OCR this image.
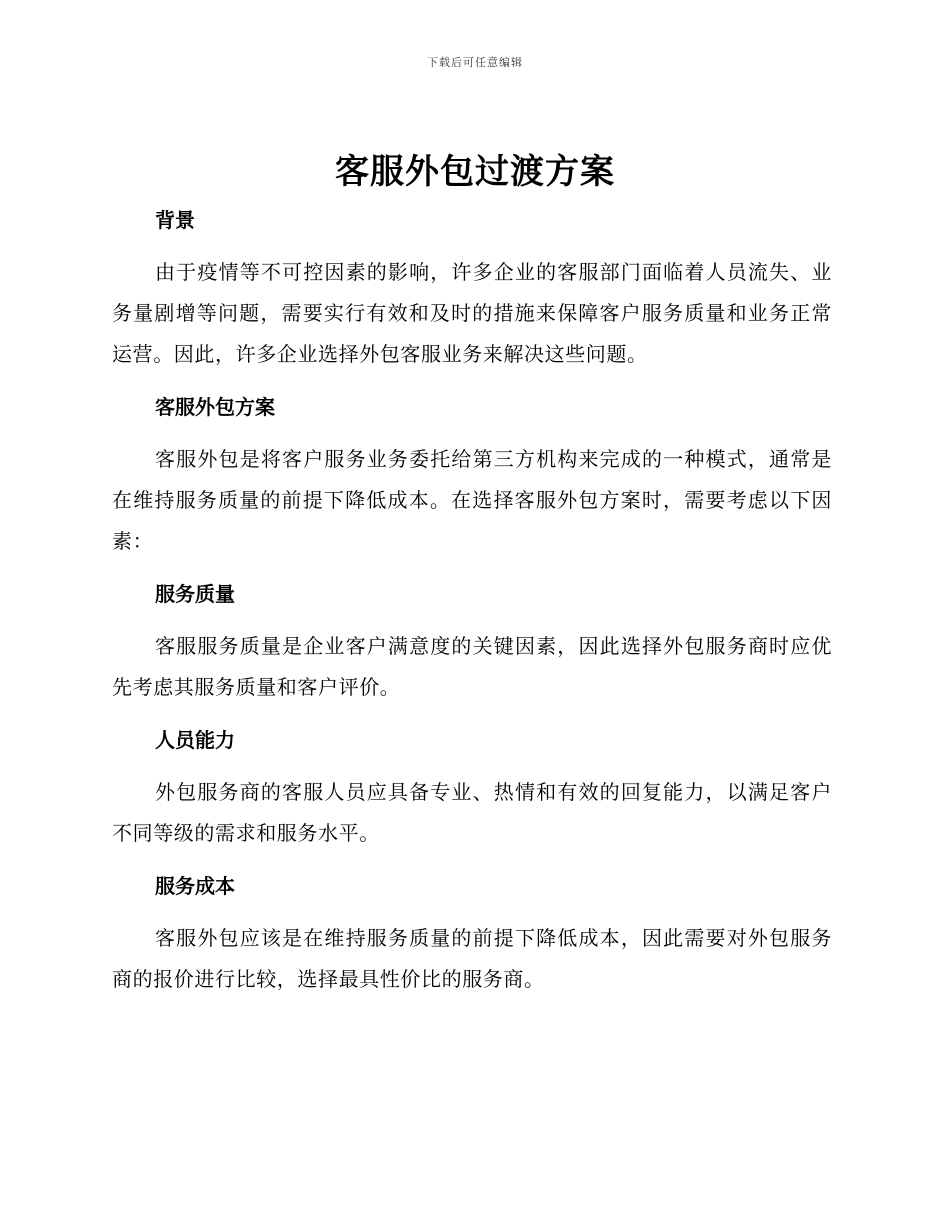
下载后可任意编辑
客服外包过渡方案
背景

由于疫情等不可控因素的影响，许多企业的客服部门面临着人员流失、业务量剧增等问题，需要实行有效和及时的措施来保障客户服务质量和业务正常运营。因此，许多企业选择外包客服业务来解决这些问题。

客服外包方案

客服外包是将客户服务业务委托给第三方机构来完成的一种模式，通常是在维持服务质量的前提下降低成本。在选择客服外包方案时，需要考虑以下因素：

服务质量

客服服务质量是企业客户满意度的关键因素，因此选择外包服务商时应优先考虑其服务质量和客户评价。

人员能力

外包服务商的客服人员应具备专业、热情和有效的回复能力，以满足客户不同等级的需求和服务水平。

服务成本

客服外包应该是在维持服务质量的前提下降低成本，因此需要对外包服务商的报价进行比较，选择最具性价比的服务商。
